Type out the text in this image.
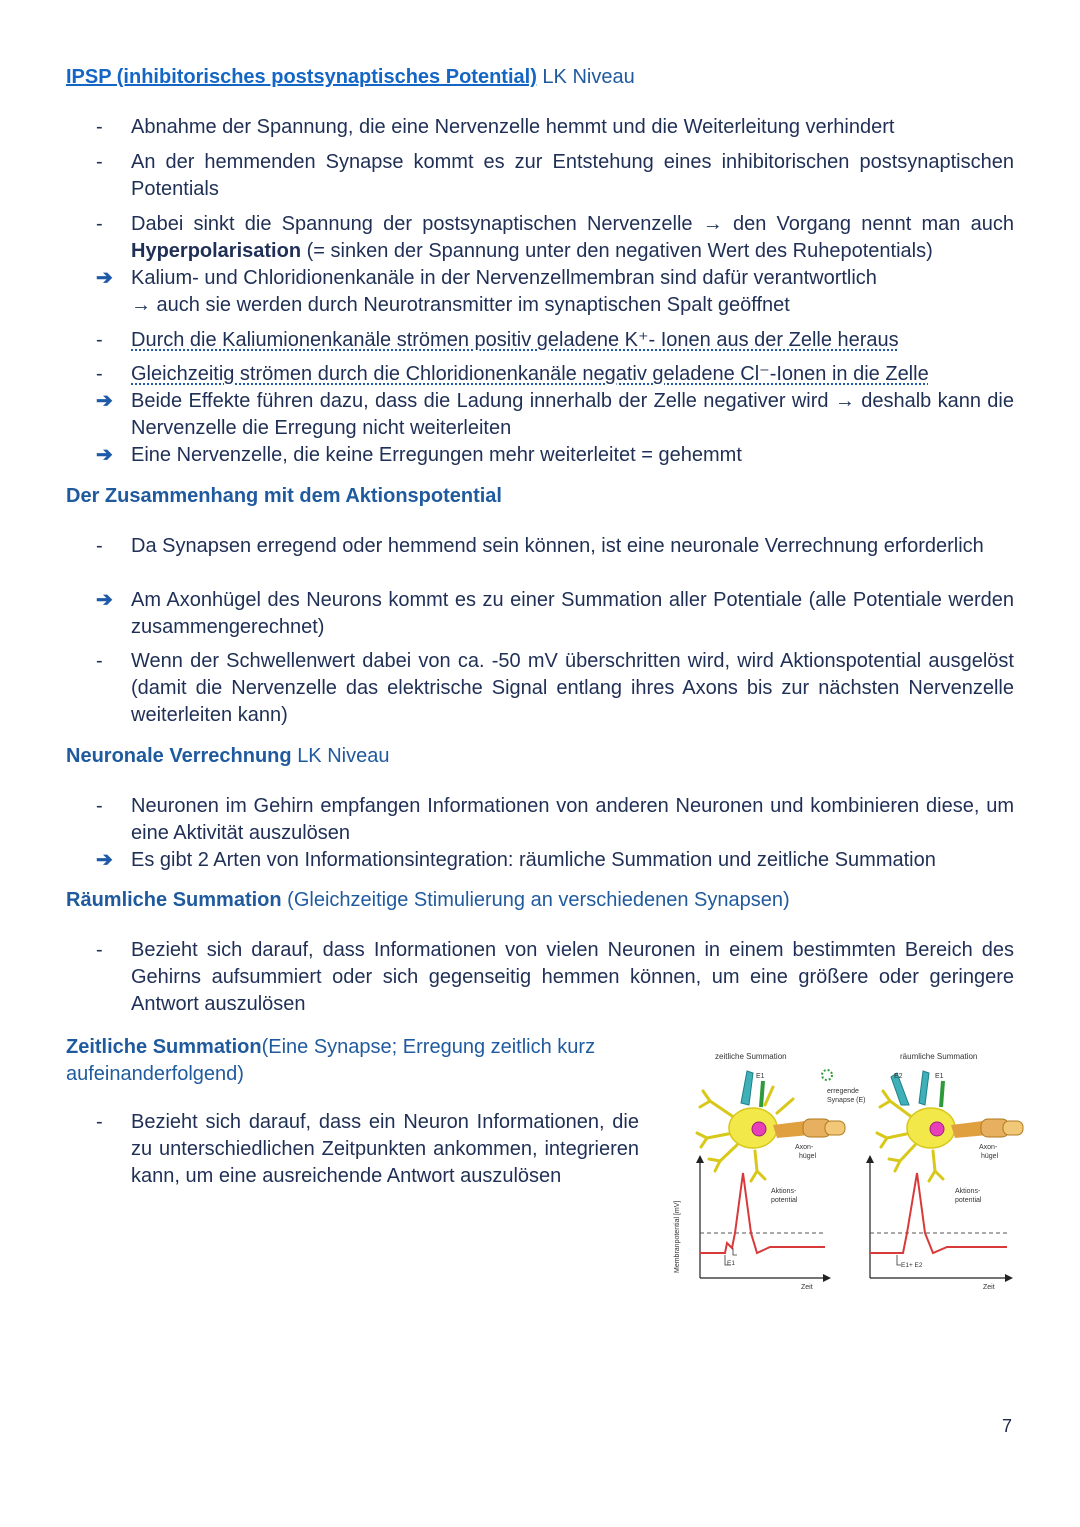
IPSP (inhibitorisches postsynaptisches Potential) LK Niveau
-	Abnahme der Spannung, die eine Nervenzelle hemmt und die Weiterleitung verhindert
-	An der hemmenden Synapse kommt es zur Entstehung eines inhibitorischen postsynaptischen Potentials
-	Dabei sinkt die Spannung der postsynaptischen Nervenzelle → den Vorgang nennt man auch Hyperpolarisation (= sinken der Spannung unter den negativen Wert des Ruhepotentials)
➔ Kalium- und Chloridionenkanäle in der Nervenzellmembran sind dafür verantwortlich
→ auch sie werden durch Neurotransmitter im synaptischen Spalt geöffnet
-	Durch die Kaliumionenkanäle strömen positiv geladene K⁺- Ionen aus der Zelle heraus
-	Gleichzeitig strömen durch die Chloridionenkanäle negativ geladene Cl⁻-Ionen in die Zelle
➔ Beide Effekte führen dazu, dass die Ladung innerhalb der Zelle negativer wird → deshalb kann die Nervenzelle die Erregung nicht weiterleiten
➔ Eine Nervenzelle, die keine Erregungen mehr weiterleitet = gehemmt
Der Zusammenhang mit dem Aktionspotential
-	Da Synapsen erregend oder hemmend sein können, ist eine neuronale Verrechnung erforderlich
➔ Am Axonhügel des Neurons kommt es zu einer Summation aller Potentiale (alle Potentiale werden zusammengerechnet)
-	Wenn der Schwellenwert dabei von ca. -50 mV überschritten wird, wird Aktionspotential ausgelöst (damit die Nervenzelle das elektrische Signal entlang ihres Axons bis zur nächsten Nervenzelle weiterleiten kann)
Neuronale Verrechnung LK Niveau
-	Neuronen im Gehirn empfangen Informationen von anderen Neuronen und kombinieren diese, um eine Aktivität auszulösen
➔ Es gibt 2 Arten von Informationsintegration: räumliche Summation und zeitliche Summation
Räumliche Summation (Gleichzeitige Stimulierung an verschiedenen Synapsen)
-	Bezieht sich darauf, dass Informationen von vielen Neuronen in einem bestimmten Bereich des Gehirns aufsummiert oder sich gegenseitig hemmen können, um eine größere oder geringere Antwort auszulösen
Zeitliche Summation(Eine Synapse; Erregung zeitlich kurz
aufeinanderfolgend)
-	Bezieht sich darauf, dass ein Neuron Informationen, die zu unterschiedlichen Zeitpunkten ankommen, integrieren kann, um eine ausreichende Antwort auszulösen
zeitliche Summation	räumliche Summation
E1
erregende
Synapse (E)
Axon-
hügel
E1
Aktions-
potential
Zeit
Membranpotential [mV]
E2	E1
Axon-
hügel
E1+ E2
Aktions-
potential
Zeit
7
